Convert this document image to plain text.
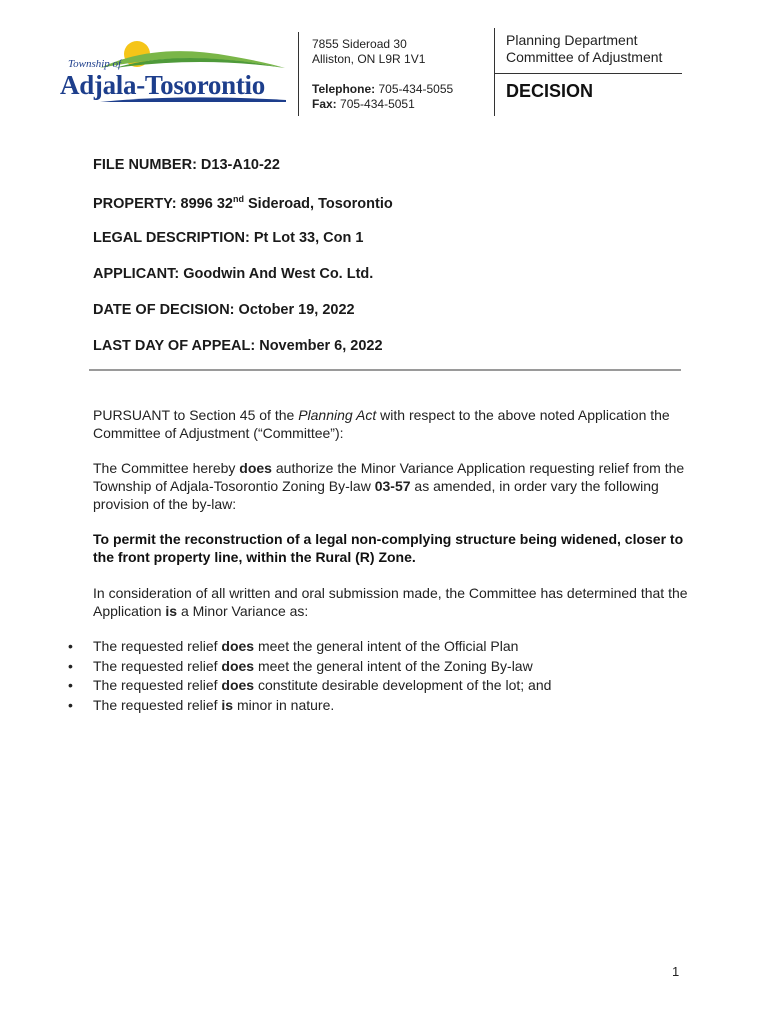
Township of
Adjala-Tosorontio
7855 Sideroad 30
Alliston, ON L9R 1V1
Telephone: 705-434-5055
Fax: 705-434-5051
Planning Department
Committee of Adjustment
DECISION
FILE NUMBER: D13-A10-22
PROPERTY: 8996 32nd Sideroad, Tosorontio
LEGAL DESCRIPTION: Pt Lot 33, Con 1
APPLICANT: Goodwin And West Co. Ltd.
DATE OF DECISION: October 19, 2022
LAST DAY OF APPEAL: November 6, 2022
PURSUANT to Section 45 of the Planning Act with respect to the above noted Application the Committee of Adjustment (“Committee”):
The Committee hereby does authorize the Minor Variance Application requesting relief from the Township of Adjala-Tosorontio Zoning By-law 03-57 as amended, in order vary the following provision of the by-law:
To permit the reconstruction of a legal non-complying structure being widened, closer to the front property line, within the Rural (R) Zone.
In consideration of all written and oral submission made, the Committee has determined that the Application is a Minor Variance as:
• The requested relief does meet the general intent of the Official Plan
• The requested relief does meet the general intent of the Zoning By-law
• The requested relief does constitute desirable development of the lot; and
• The requested relief is minor in nature.
1
